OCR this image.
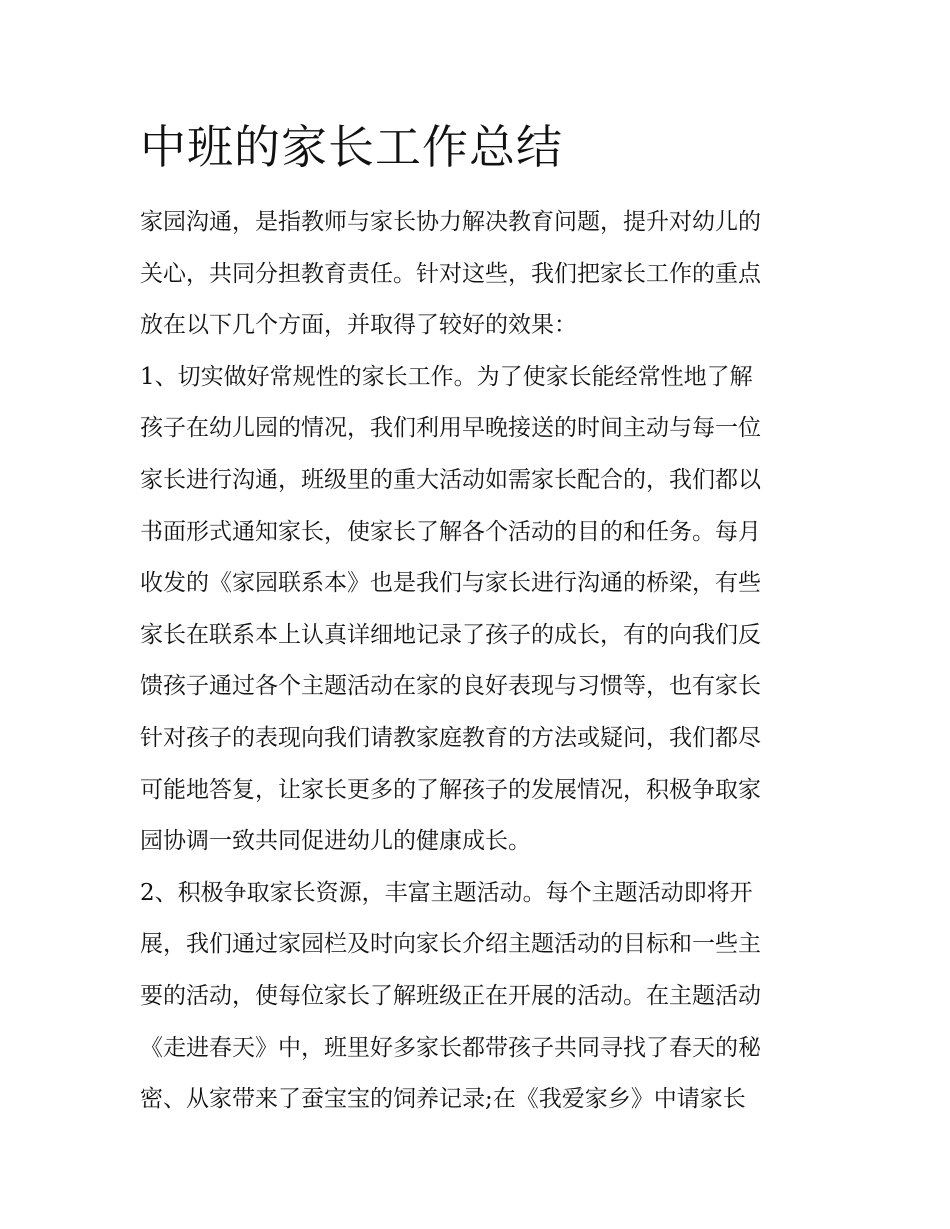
中班的家长工作总结
家园沟通，是指教师与家长协力解决教育问题，提升对幼儿的
关心，共同分担教育责任。针对这些，我们把家长工作的重点
放在以下几个方面，并取得了较好的效果：
1、切实做好常规性的家长工作。为了使家长能经常性地了解
孩子在幼儿园的情况，我们利用早晚接送的时间主动与每一位
家长进行沟通，班级里的重大活动如需家长配合的，我们都以
书面形式通知家长，使家长了解各个活动的目的和任务。每月
收发的《家园联系本》也是我们与家长进行沟通的桥梁，有些
家长在联系本上认真详细地记录了孩子的成长，有的向我们反
馈孩子通过各个主题活动在家的良好表现与习惯等，也有家长
针对孩子的表现向我们请教家庭教育的方法或疑问，我们都尽
可能地答复，让家长更多的了解孩子的发展情况，积极争取家
园协调一致共同促进幼儿的健康成长。
2、积极争取家长资源，丰富主题活动。每个主题活动即将开
展，我们通过家园栏及时向家长介绍主题活动的目标和一些主
要的活动，使每位家长了解班级正在开展的活动。在主题活动
《走进春天》中，班里好多家长都带孩子共同寻找了春天的秘
密、从家带来了蚕宝宝的饲养记录;在《我爱家乡》中请家长
